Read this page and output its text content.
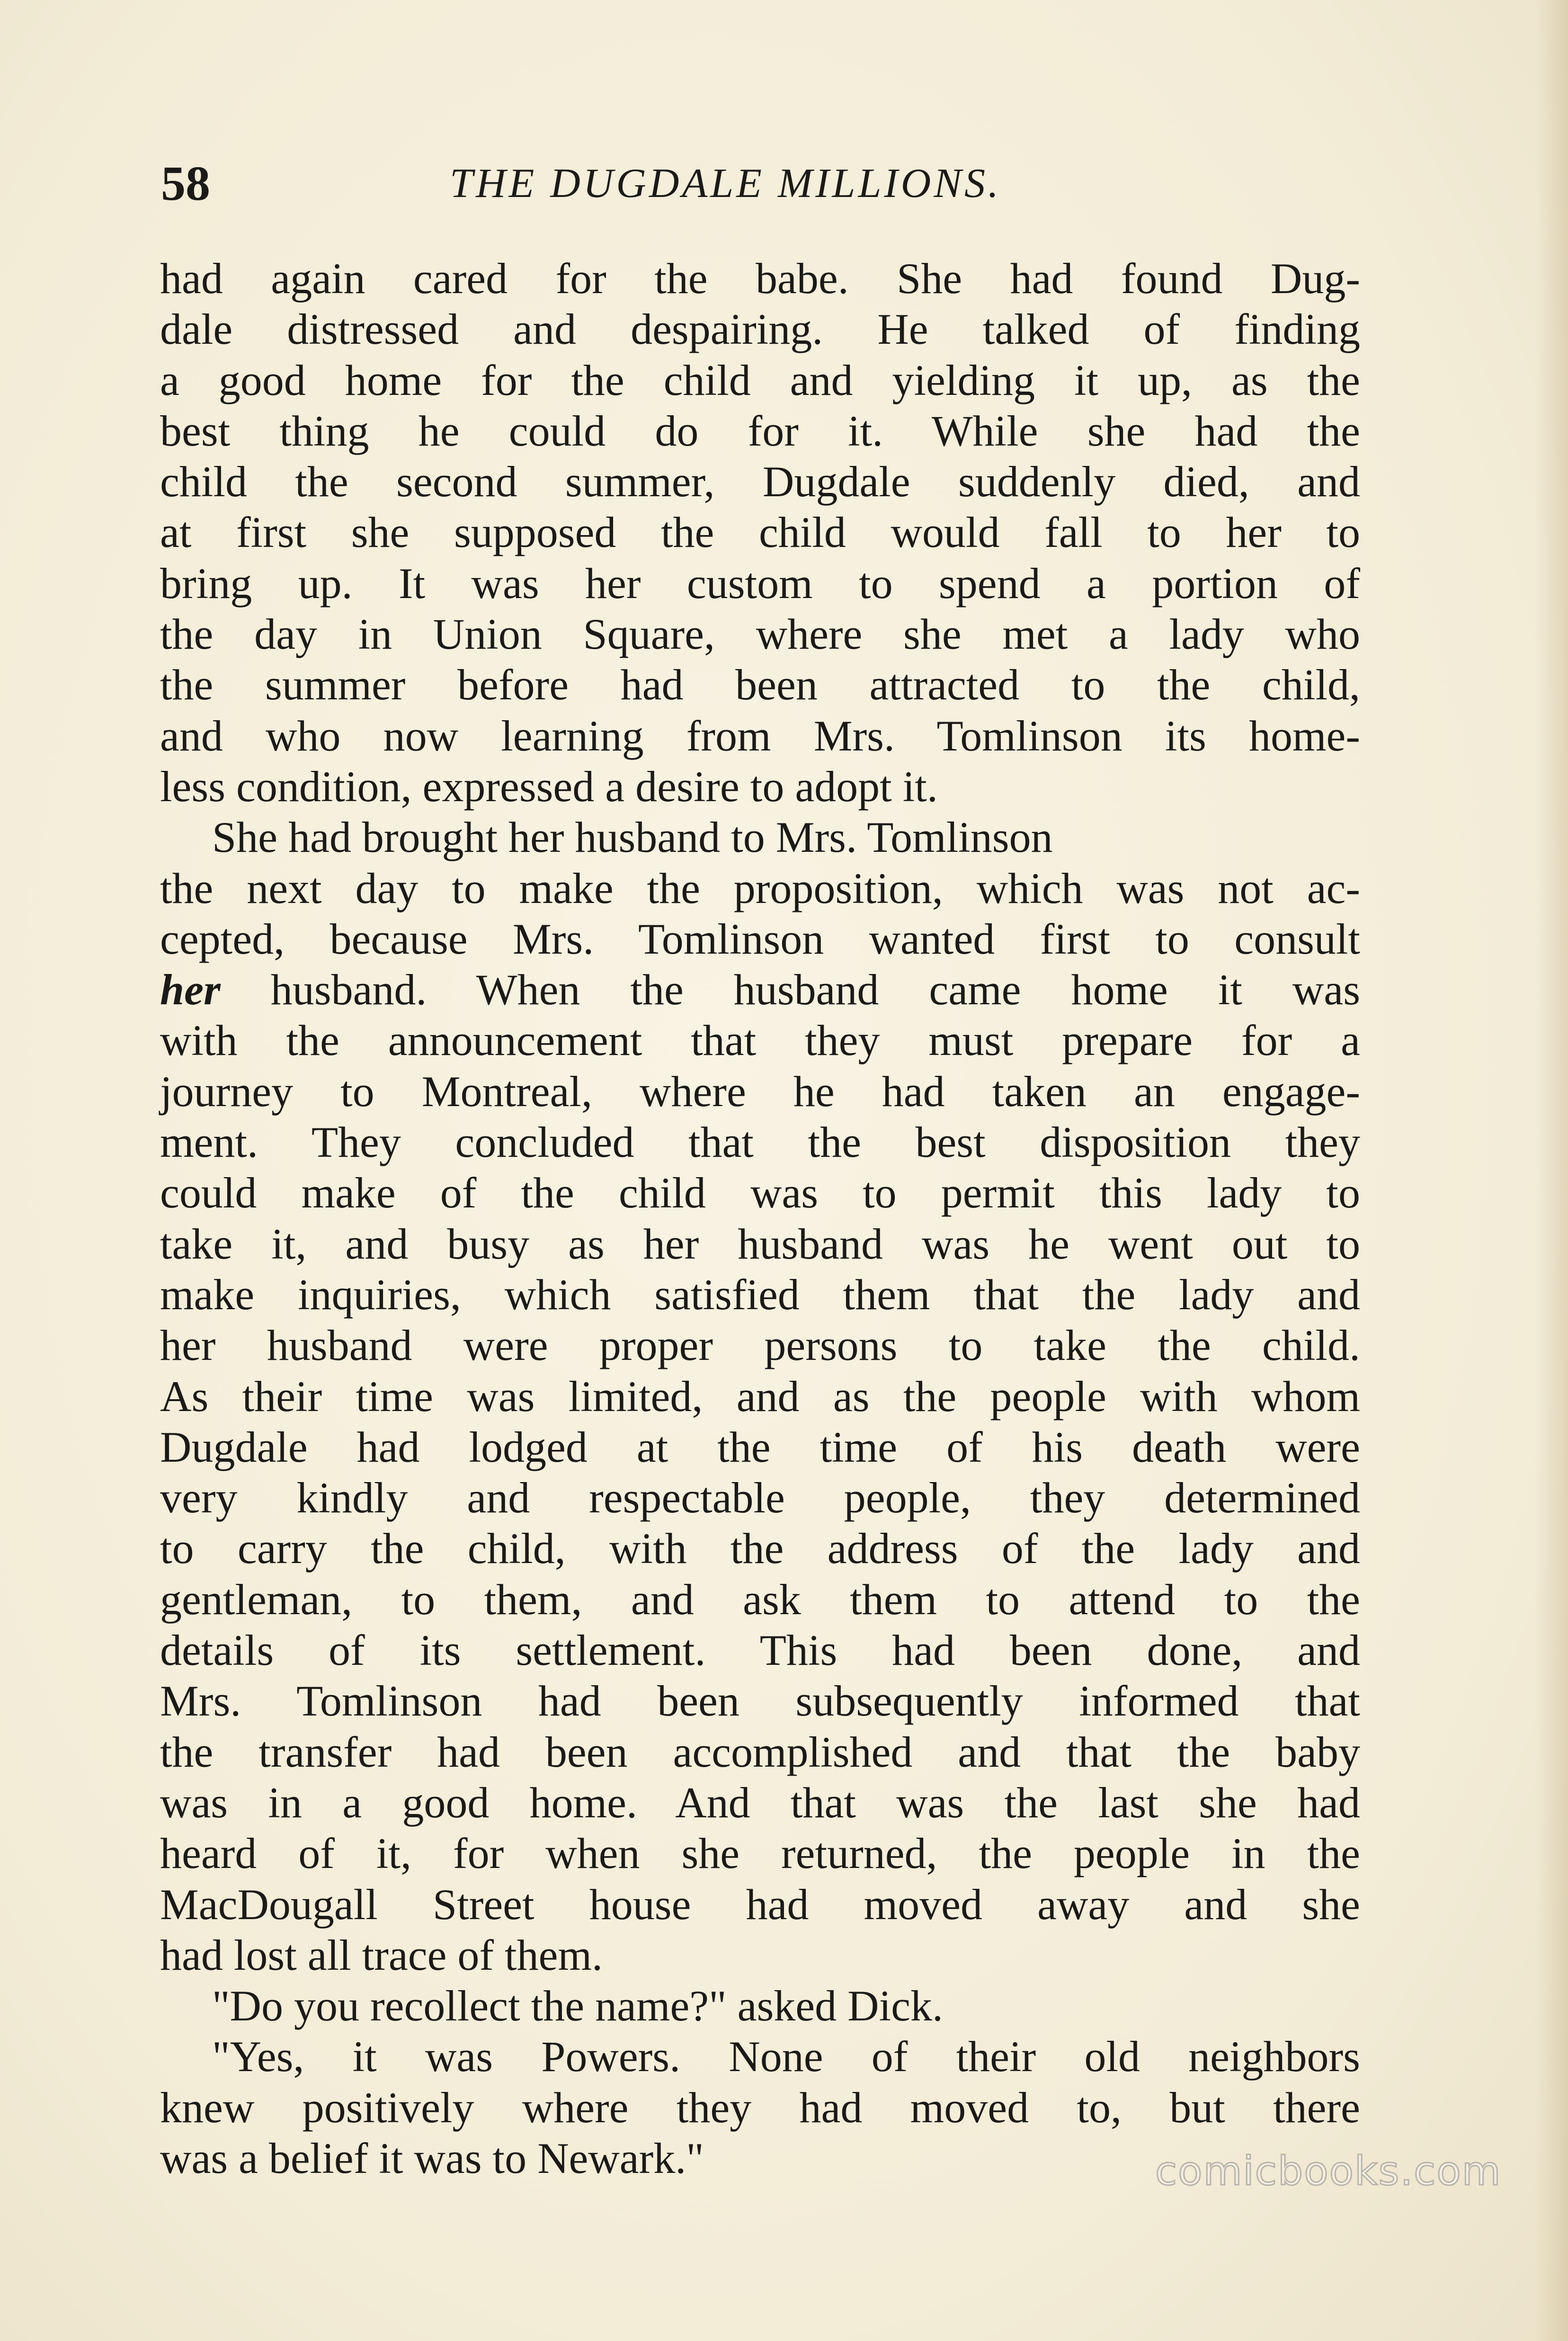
58	THE DUGDALE MILLIONS.
had again cared for the babe. She had found Dug-
dale distressed and despairing. He talked of finding
a good home for the child and yielding it up, as the
best thing he could do for it. While she had the
child the second summer, Dugdale suddenly died, and
at first she supposed the child would fall to her to
bring up. It was her custom to spend a portion of
the day in Union Square, where she met a lady who
the summer before had been attracted to the child,
and who now learning from Mrs. Tomlinson its home-
less condition, expressed a desire to adopt it.
She had brought her husband to Mrs. Tomlinson
the next day to make the proposition, which was not ac-
cepted, because Mrs. Tomlinson wanted first to consult
her husband. When the husband came home it was
with the announcement that they must prepare for a
journey to Montreal, where he had taken an engage-
ment. They concluded that the best disposition they
could make of the child was to permit this lady to
take it, and busy as her husband was he went out to
make inquiries, which satisfied them that the lady and
her husband were proper persons to take the child.
As their time was limited, and as the people with whom
Dugdale had lodged at the time of his death were
very kindly and respectable people, they determined
to carry the child, with the address of the lady and
gentleman, to them, and ask them to attend to the
details of its settlement. This had been done, and
Mrs. Tomlinson had been subsequently informed that
the transfer had been accomplished and that the baby
was in a good home. And that was the last she had
heard of it, for when she returned, the people in the
MacDougall Street house had moved away and she
had lost all trace of them.
"Do you recollect the name?" asked Dick.
"Yes, it was Powers. None of their old neighbors
knew positively where they had moved to, but there
was a belief it was to Newark."	comicbooks.com
